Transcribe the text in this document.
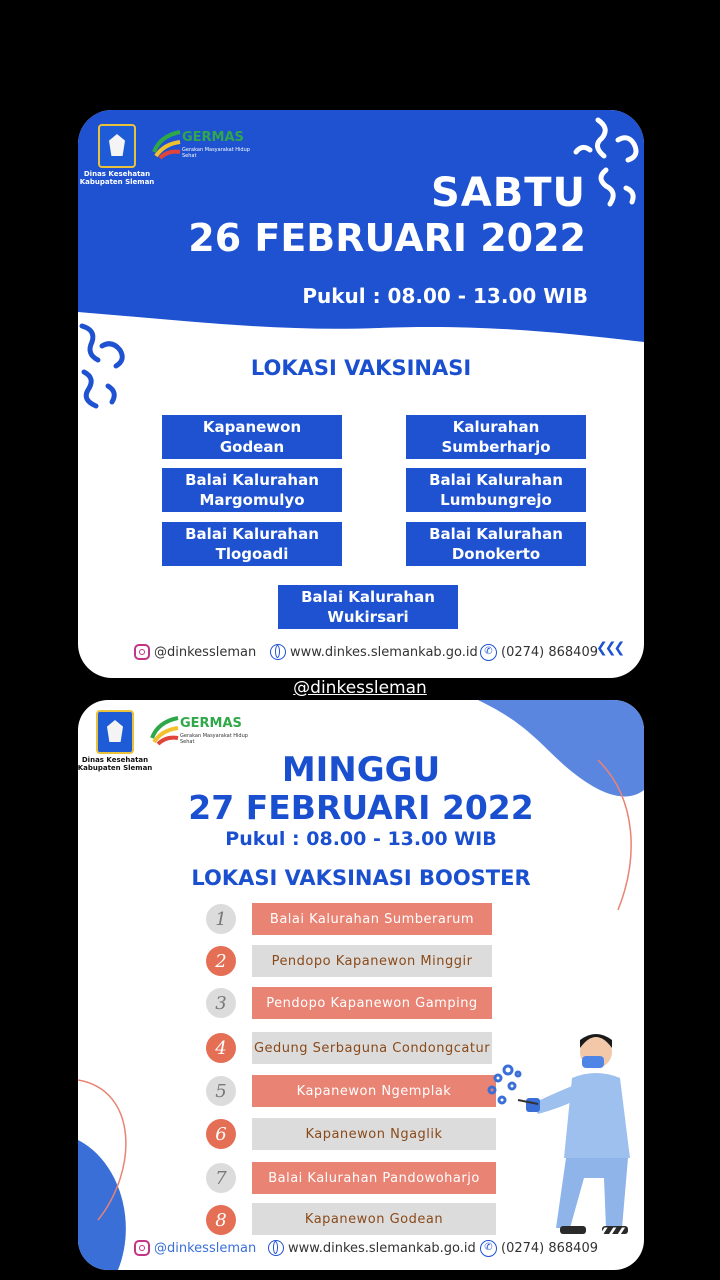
Dinas Kesehatan
Kabupaten Sleman
GERMAS
Gerakan Masyarakat Hidup Sehat
SABTU
26 FEBRUARI 2022
Pukul : 08.00 - 13.00 WIB
LOKASI VAKSINASI
Kapanewon
Godean
Kalurahan
Sumberharjo
Balai Kalurahan
Margomulyo
Balai Kalurahan
Lumbungrejo
Balai Kalurahan
Tlogoadi
Balai Kalurahan
Donokerto
Balai Kalurahan
Wukirsari
@dinkessleman	www.dinkes.slemankab.go.id ✆ (0274) 868409
❮❮❮
@dinkessleman
Dinas Kesehatan
Kabupaten Sleman
GERMAS
Gerakan Masyarakat Hidup Sehat
MINGGU
27 FEBRUARI 2022
Pukul : 08.00 - 13.00 WIB
LOKASI VAKSINASI BOOSTER
1	Balai Kalurahan Sumberarum
2	Pendopo Kapanewon Minggir
3	Pendopo Kapanewon Gamping
4	Gedung Serbaguna Condongcatur
5	Kapanewon Ngemplak
6	Kapanewon Ngaglik
7	Balai Kalurahan Pandowoharjo
8	Kapanewon Godean
@dinkessleman www.dinkes.slemankab.go.id ✆ (0274) 868409
❮❮❮
